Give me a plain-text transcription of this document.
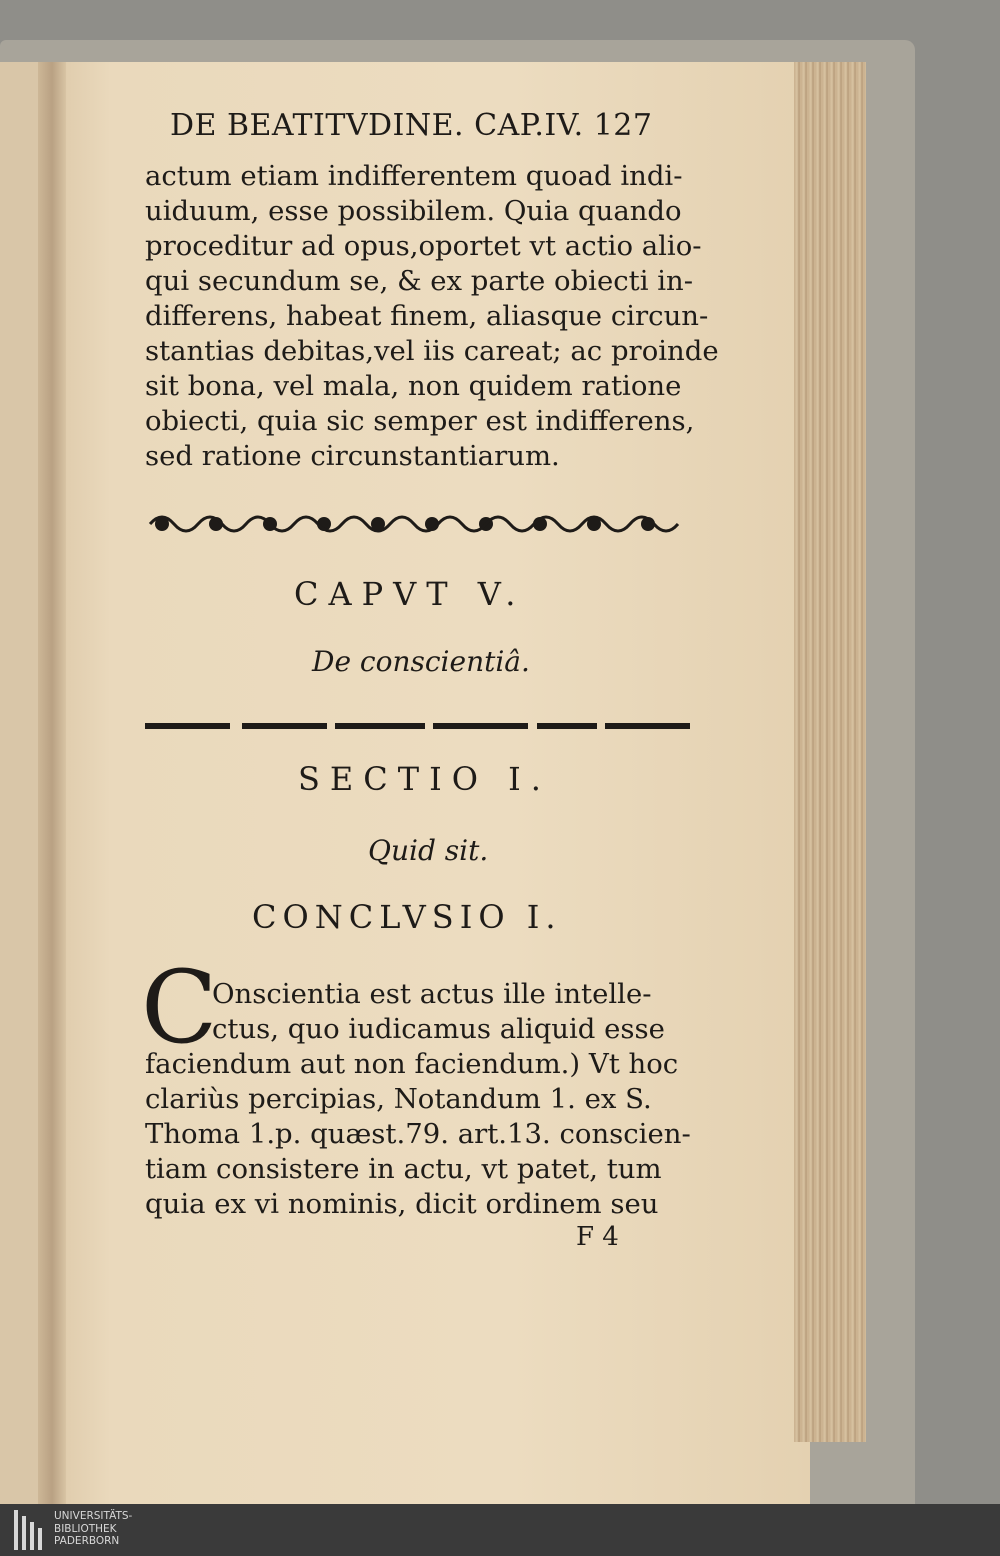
DE BEATITVDINE. CAP.IV. 127
actum etiam indifferentem quoad indi-
uiduum, esse possibilem. Quia quando
proceditur ad opus,oportet vt actio alio-
qui secundum se, & ex parte obiecti in-
differens, habeat finem, aliasque circun-
stantias debitas,vel iis careat; ac proinde
sit bona, vel mala, non quidem ratione
obiecti, quia sic semper est indifferens,
sed ratione circunstantiarum.
CAPVT V.
De conscientiâ.
SECTIO I.
Quid sit.
CONCLVSIO I.
C
Onscientia est actus ille intelle-
ctus, quo iudicamus aliquid esse
faciendum aut non faciendum.) Vt hoc
clariùs percipias, Notandum 1. ex S.
Thoma 1.p. quæst.79. art.13. conscien-
tiam consistere in actu, vt patet, tum
quia ex vi nominis, dicit ordinem seu
F 4
UNIVERSITÄTS-
BIBLIOTHEK
PADERBORN
